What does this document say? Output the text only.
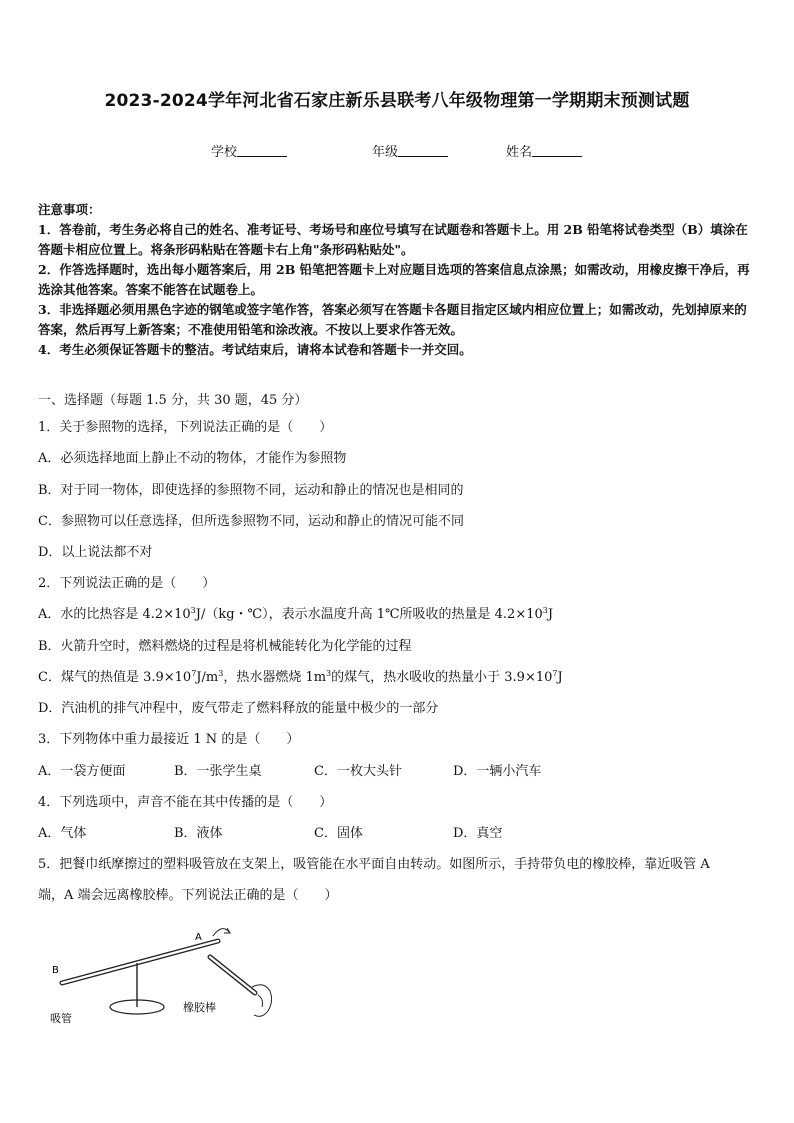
2023-2024学年河北省石家庄新乐县联考八年级物理第一学期期末预测试题
学校	年级	姓名

注意事项：

1．答卷前，考生务必将自己的姓名、准考证号、考场号和座位号填写在试题卷和答题卡上。用 2B 铅笔将试卷类型（B）填涂在答题卡相应位置上。将条形码粘贴在答题卡右上角"条形码粘贴处"。

2．作答选择题时，选出每小题答案后，用 2B 铅笔把答题卡上对应题目选项的答案信息点涂黑；如需改动，用橡皮擦干净后，再选涂其他答案。答案不能答在试题卷上。

3．非选择题必须用黑色字迹的钢笔或签字笔作答，答案必须写在答题卡各题目指定区域内相应位置上；如需改动，先划掉原来的答案，然后再写上新答案；不准使用铅笔和涂改液。不按以上要求作答无效。

4．考生必须保证答题卡的整洁。考试结束后，请将本试卷和答题卡一并交回。

一、选择题（每题 1.5 分，共 30 题，45 分）
1．关于参照物的选择，下列说法正确的是（　　）
A．必须选择地面上静止不动的物体，才能作为参照物
B．对于同一物体，即使选择的参照物不同，运动和静止的情况也是相同的
C．参照物可以任意选择，但所选参照物不同，运动和静止的情况可能不同
D．以上说法都不对
2．下列说法正确的是（　　）
A．水的比热容是 $4.2\times 10^3J/(kg$・℃），表示水温度升高 1℃所吸收的热量是 $4.2\times 10^3J$
B．火箭升空时，燃料燃烧的过程是将机械能转化为化学能的过程
C．煤气的热值是 $3.9\times 10^7J/m^3$，热水器燃烧 $1m^3$的煤气，热水吸收的热量小于 $3.9\times 10^7J$
D．汽油机的排气冲程中，废气带走了燃料释放的能量中极少的一部分
3．下列物体中重力最接近 1 N 的是（　　）
A．一袋方便面	B．一张学生桌	C．一枚大头针	D．一辆小汽车
4．下列选项中，声音不能在其中传播的是（　　）
A．气体	B．液体	C．固体	D．真空
5．把餐巾纸摩擦过的塑料吸管放在支架上，吸管能在水平面自由转动。如图所示，手持带负电的橡胶棒，靠近吸管 A
端，A 端会远离橡胶棒。下列说法正确的是（　　）
A
B
吸管
橡胶棒
